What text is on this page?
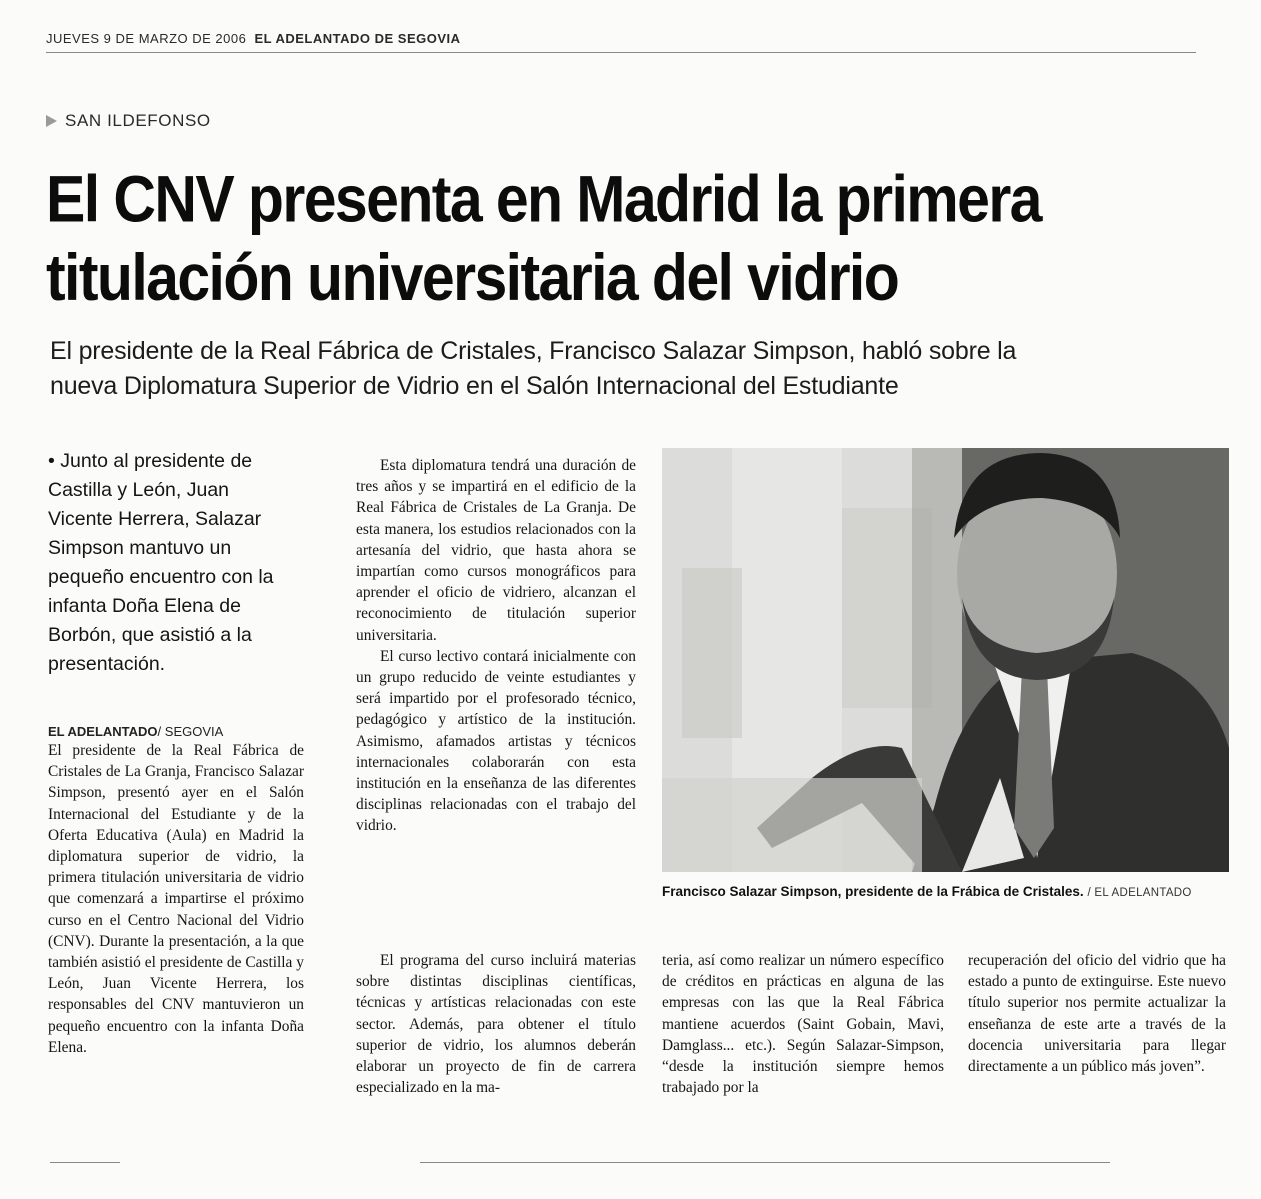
JUEVES 9 DE MARZO DE 2006 EL ADELANTADO DE SEGOVIA
SAN ILDEFONSO
El CNV presenta en Madrid la primera
titulación universitaria del vidrio
El presidente de la Real Fábrica de Cristales, Francisco Salazar Simpson, habló sobre la
nueva Diplomatura Superior de Vidrio en el Salón Internacional del Estudiante
• Junto al presidente de Castilla y León, Juan Vicente Herrera, Salazar Simpson mantuvo un pequeño encuentro con la infanta Doña Elena de Borbón, que asistió a la presentación.
EL ADELANTADO/ SEGOVIA

El presidente de la Real Fábrica de Cristales de La Granja, Francisco Salazar Simpson, presentó ayer en el Salón Internacional del Estudiante y de la Oferta Educativa (Aula) en Madrid la diplomatura superior de vidrio, la primera titulación universitaria de vidrio que comenzará a impartirse el próximo curso en el Centro Nacional del Vidrio (CNV). Durante la presentación, a la que también asistió el presidente de Castilla y León, Juan Vicente Herrera, los responsables del CNV mantuvieron un pequeño encuentro con la infanta Doña Elena.

Esta diplomatura tendrá una duración de tres años y se impartirá en el edificio de la Real Fábrica de Cristales de La Granja. De esta manera, los estudios relacionados con la artesanía del vidrio, que hasta ahora se impartían como cursos monográficos para aprender el oficio de vidriero, alcanzan el reconocimiento de titulación superior universitaria.

El curso lectivo contará inicialmente con un grupo reducido de veinte estudiantes y será impartido por el profesorado técnico, pedagógico y artístico de la institución. Asimismo, afamados artistas y técnicos internacionales colaborarán con esta institución en la enseñanza de las diferentes disciplinas relacionadas con el trabajo del vidrio.

El programa del curso incluirá materias sobre distintas disciplinas científicas, técnicas y artísticas relacionadas con este sector. Además, para obtener el título superior de vidrio, los alumnos deberán elaborar un proyecto de fin de carrera especializado en la ma-

teria, así como realizar un número específico de créditos en prácticas en alguna de las empresas con las que la Real Fábrica mantiene acuerdos (Saint Gobain, Mavi, Damglass... etc.). Según Salazar-Simpson, “desde la institución siempre hemos trabajado por la

recuperación del oficio del vidrio que ha estado a punto de extinguirse. Este nuevo título superior nos permite actualizar la enseñanza de este arte a través de la docencia universitaria para llegar directamente a un público más joven”.

Francisco Salazar Simpson, presidente de la Frábica de Cristales. / EL ADELANTADO
